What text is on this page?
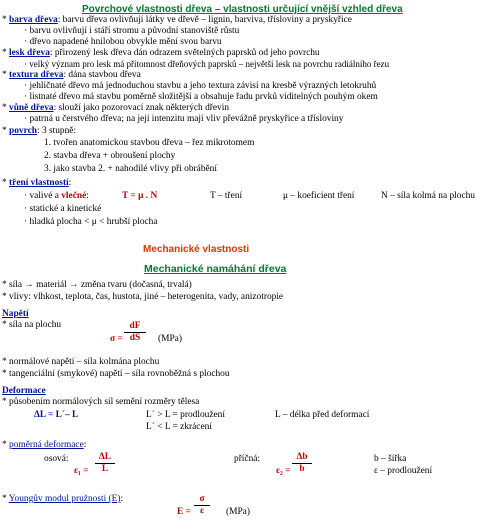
Povrchové vlastnosti dřeva – vlastnosti určující vnější vzhled dřeva
* barva dřeva: barvu dřeva ovlivňují látky ve dřevě – lignin, barviva, třísloviny a pryskyřice
· barvu ovlivňují i stáří stromu a původní stanoviště růstu
· dřevo napadené hnilobou obvykle mění svou barvu
* lesk dřeva: přirozený lesk dřeva dán odrazem světelných paprsků od jeho povrchu
· velký význam pro lesk má přítomnost dřeňových paprsků – největší lesk na povrchu radiálního řezu
* textura dřeva: dána stavbou dřeva
· jehličnaté dřevo má jednoduchou stavbu a jeho textura závisí na kresbě výrazných letokruhů
· listnaté dřevo má stavbu poměrně složitější a obsahuje řadu prvků viditelných pouhým okem
* vůně dřeva: slouží jako pozorovací znak některých dřevin
· patrná u čerstvého dřeva; na její intenzitu mají vliv převážně pryskyřice a třísloviny
* povrch: 3 stupně:
1. tvořen anatomickou stavbou dřeva – řez mikrotomem
2. stavba dřeva + obroušení plochy
3. jako stavba 2. + nahodilé vlivy při obrábění
* tření vlastností:
· valivé a vlečné:	T = μ . N	T – tření	μ – koeficient tření	N – síla kolmá na plochu
· statické a kinetické
· hladká plocha < μ < hrubší plocha
Mechanické vlastnosti
Mechanické namáhání dřeva
* síla → materiál → změna tvaru (dočasná, trvalá)
* vlivy: vlhkost, teplota, čas, hustota, jiné – heterogenita, vady, anizotropie
Napětí
* síla na plochu
σ =
dF
dS	(MPa)
* normálové napětí – síla kolmána plochu
* tangenciální (smykové) napětí – síla rovnoběžná s plochou
Deformace
* působením normálových sil semění rozměry tělesa
ΔL = L´– L	L´ > L = prodloužení	L – délka před deformací
L´ < L = zkrácení
* poměrná deformace:
osová:
ε₁ =
ΔL
L
příčná:
ε₂ =
Δb
b
b – šířka
ε – prodloužení
* Youngův modul pružnosti (E):
E =
σ
ε	(MPa)
